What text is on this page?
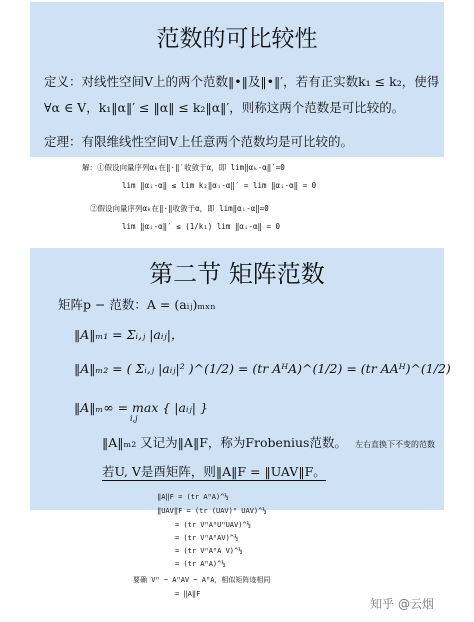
范数的可比较性
定义：对线性空间V上的两个范数‖•‖及‖•‖′，若有正实数k₁ ≤ k₂，使得
∀α ∈ V，k₁‖α‖′ ≤ ‖α‖ ≤ k₂‖α‖′，则称这两个范数是可比较的。
定理：有限维线性空间V上任意两个范数均是可比较的。
解：①假设向量序列αₖ在‖·‖′收敛于α，即 lim‖αₖ-α‖′=0
lim ‖αᵢ-α‖ ≤ lim k₂‖αᵢ-α‖′ = lim ‖αᵢ-α‖ = 0
②假设向量序列αₖ在‖·‖收敛于α，即 lim‖αᵢ-α‖=0
lim ‖αᵢ-α‖′ ≤ (1/k₁) lim ‖αᵢ-α‖ = 0
第二节 矩阵范数
矩阵p − 范数：A = (aᵢⱼ)ₘₓₙ
‖A‖ₘ₁ = Σᵢ,ⱼ |aᵢⱼ|，
‖A‖ₘ₂ = ( Σᵢ,ⱼ |aᵢⱼ|² )^(1/2) = (tr AᴴA)^(1/2) = (tr AAᴴ)^(1/2)
‖A‖ₘ∞ = max { |aᵢⱼ| }
i,j
‖A‖ₘ₂ 又记为‖A‖F，称为Frobenius范数。 左右直换下不变的范数
若U, V是酉矩阵，则‖A‖F = ‖UAV‖F。
‖A‖F = (tr AᴴA)^½
‖UAV‖F = (tr (UAV)ᴴ UAV)^½
= (tr VᴴAᴴUᴴUAV)^½
= (tr VᴴAᴴAV)^½
= (tr VᴴAᴴA V)^½
= (tr AᴴA)^½
要确 Vᴴ ~ AᴴAV ~ AᴴA，相似矩阵迹相同
= ‖A‖F
知乎 @云烟
